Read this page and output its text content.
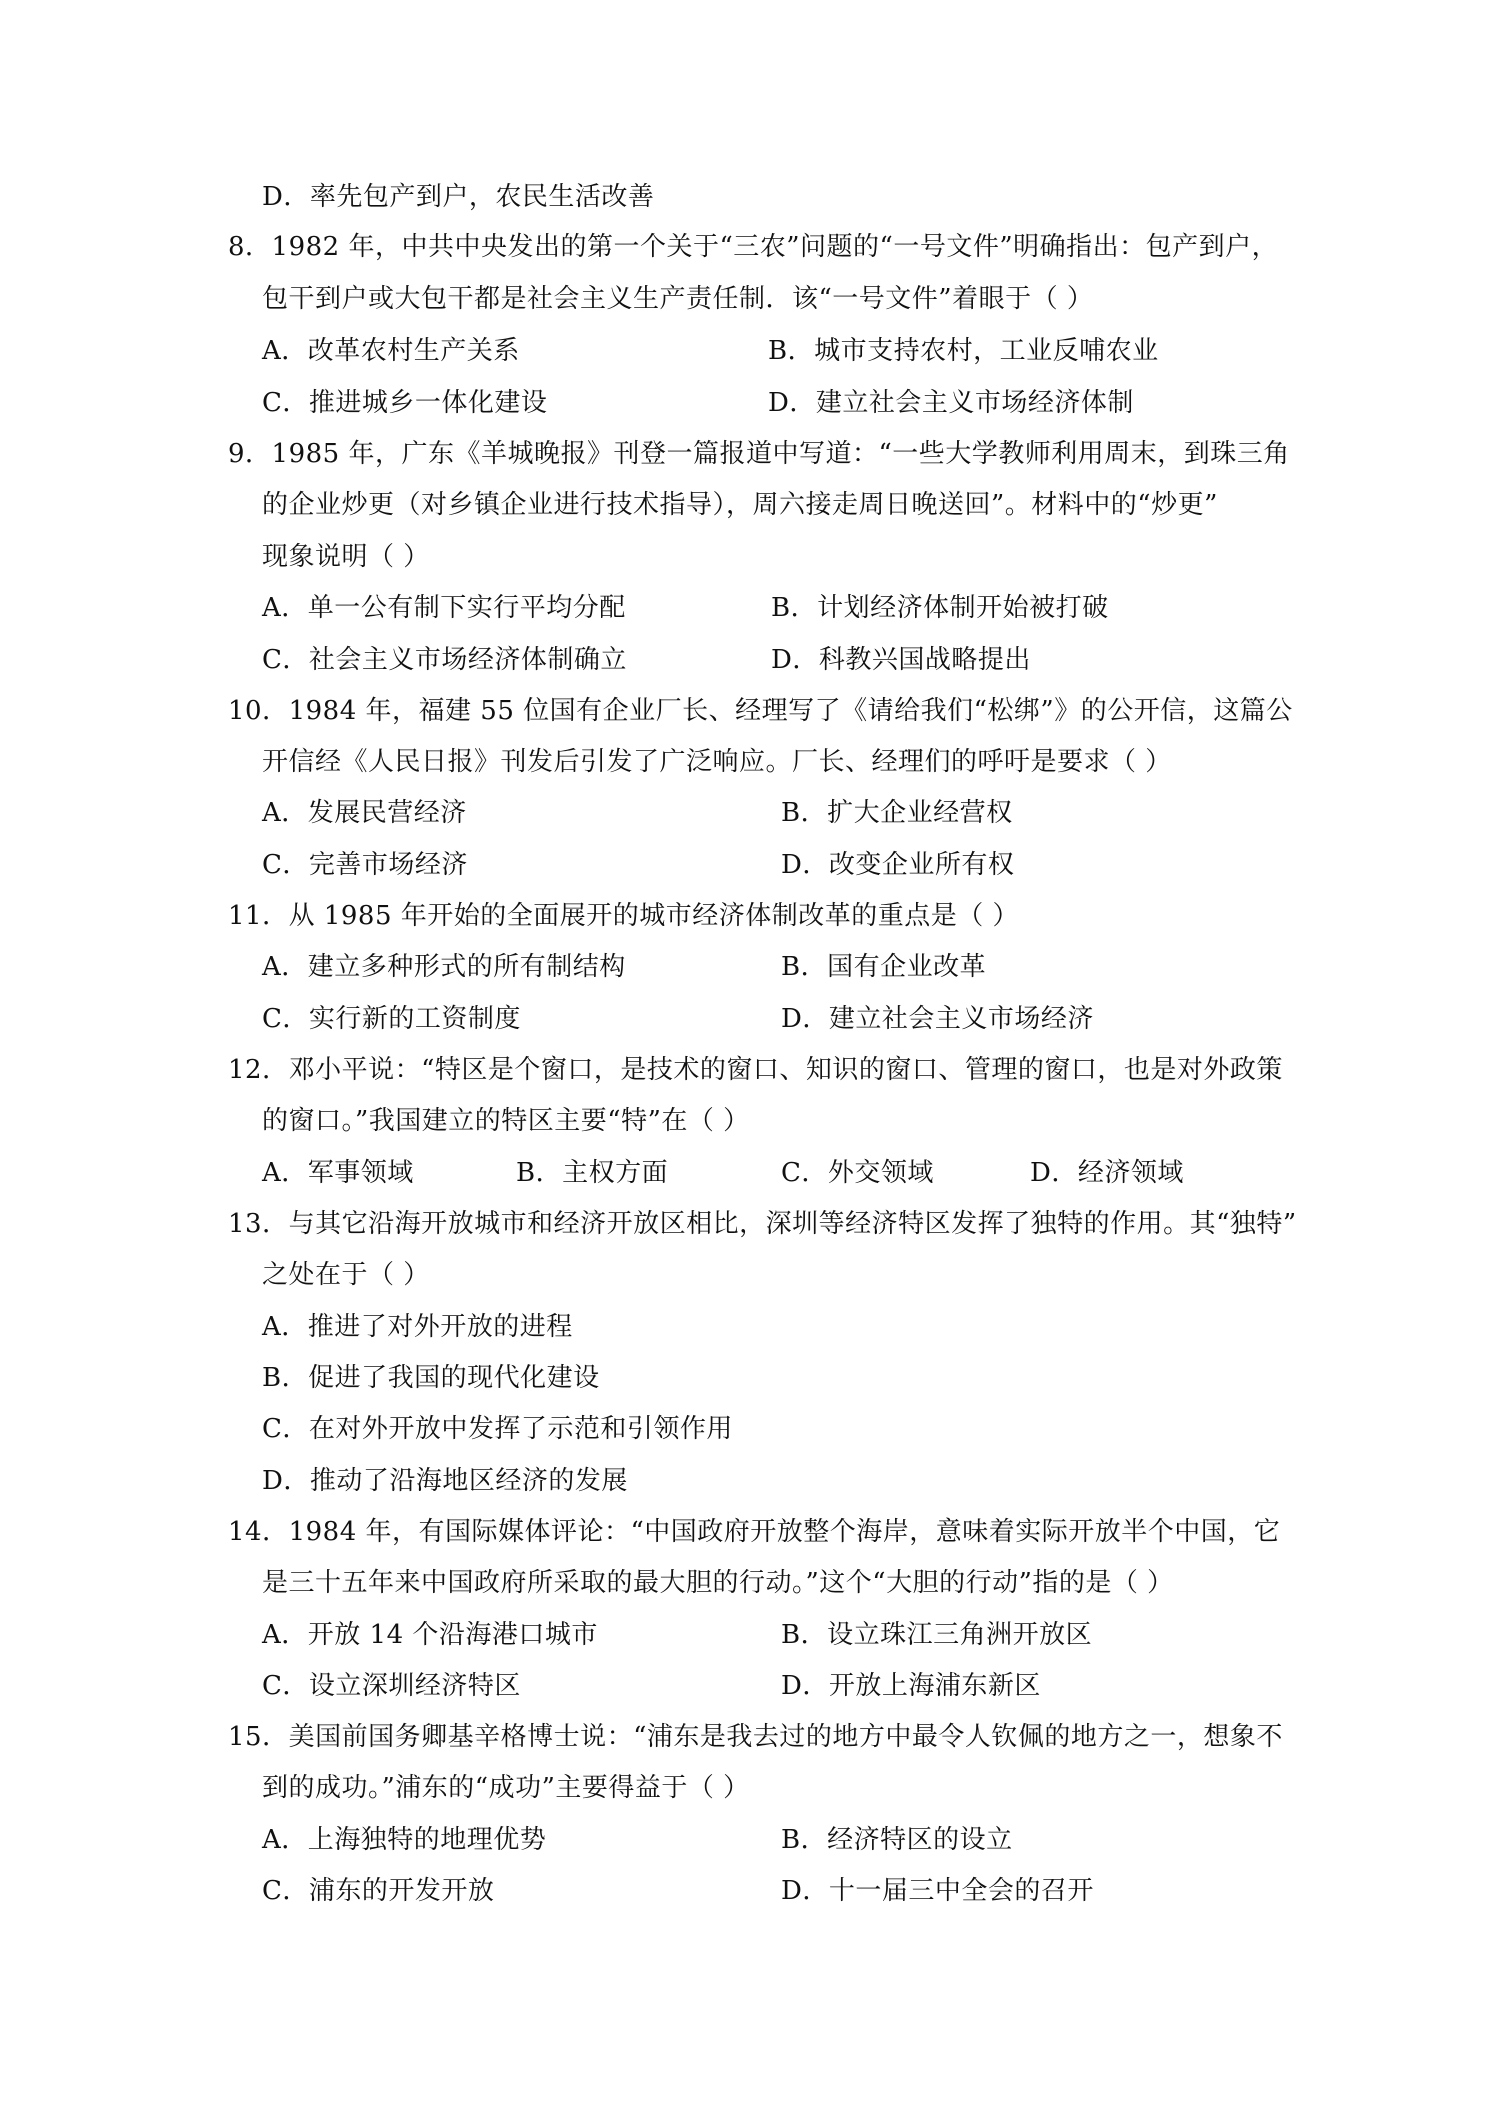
D．率先包产到户，农民生活改善
8．1982 年，中共中央发出的第一个关于“三农”问题的“一号文件”明确指出：包产到户，
包干到户或大包干都是社会主义生产责任制．该“一号文件”着眼于（ ）
A．改革农村生产关系	B．城市支持农村，工业反哺农业
C．推进城乡一体化建设	D．建立社会主义市场经济体制
9．1985 年，广东《羊城晚报》刊登一篇报道中写道：“一些大学教师利用周末，到珠三角
的企业炒更（对乡镇企业进行技术指导），周六接走周日晚送回”。材料中的“炒更”
现象说明（ ）
A．单一公有制下实行平均分配	B．计划经济体制开始被打破
C．社会主义市场经济体制确立	D．科教兴国战略提出
10．1984 年，福建 55 位国有企业厂长、经理写了《请给我们“松绑”》的公开信，这篇公
开信经《人民日报》刊发后引发了广泛响应。厂长、经理们的呼吁是要求（ ）
A．发展民营经济	B．扩大企业经营权
C．完善市场经济	D．改变企业所有权
11．从 1985 年开始的全面展开的城市经济体制改革的重点是（ ）
A．建立多种形式的所有制结构	B．国有企业改革
C．实行新的工资制度	D．建立社会主义市场经济
12．邓小平说：“特区是个窗口，是技术的窗口、知识的窗口、管理的窗口，也是对外政策
的窗口。”我国建立的特区主要“特”在（ ）
A．军事领域	B．主权方面	C．外交领域	D．经济领域
13．与其它沿海开放城市和经济开放区相比，深圳等经济特区发挥了独特的作用。其“独特”
之处在于（ ）
A．推进了对外开放的进程
B．促进了我国的现代化建设
C．在对外开放中发挥了示范和引领作用
D．推动了沿海地区经济的发展
14．1984 年，有国际媒体评论：“中国政府开放整个海岸，意味着实际开放半个中国，它
是三十五年来中国政府所采取的最大胆的行动。”这个“大胆的行动”指的是（ ）
A．开放 14 个沿海港口城市	B．设立珠江三角洲开放区
C．设立深圳经济特区	D．开放上海浦东新区
15．美国前国务卿基辛格博士说：“浦东是我去过的地方中最令人钦佩的地方之一，想象不
到的成功。”浦东的“成功”主要得益于（ ）
A．上海独特的地理优势	B．经济特区的设立
C．浦东的开发开放	D．十一届三中全会的召开
